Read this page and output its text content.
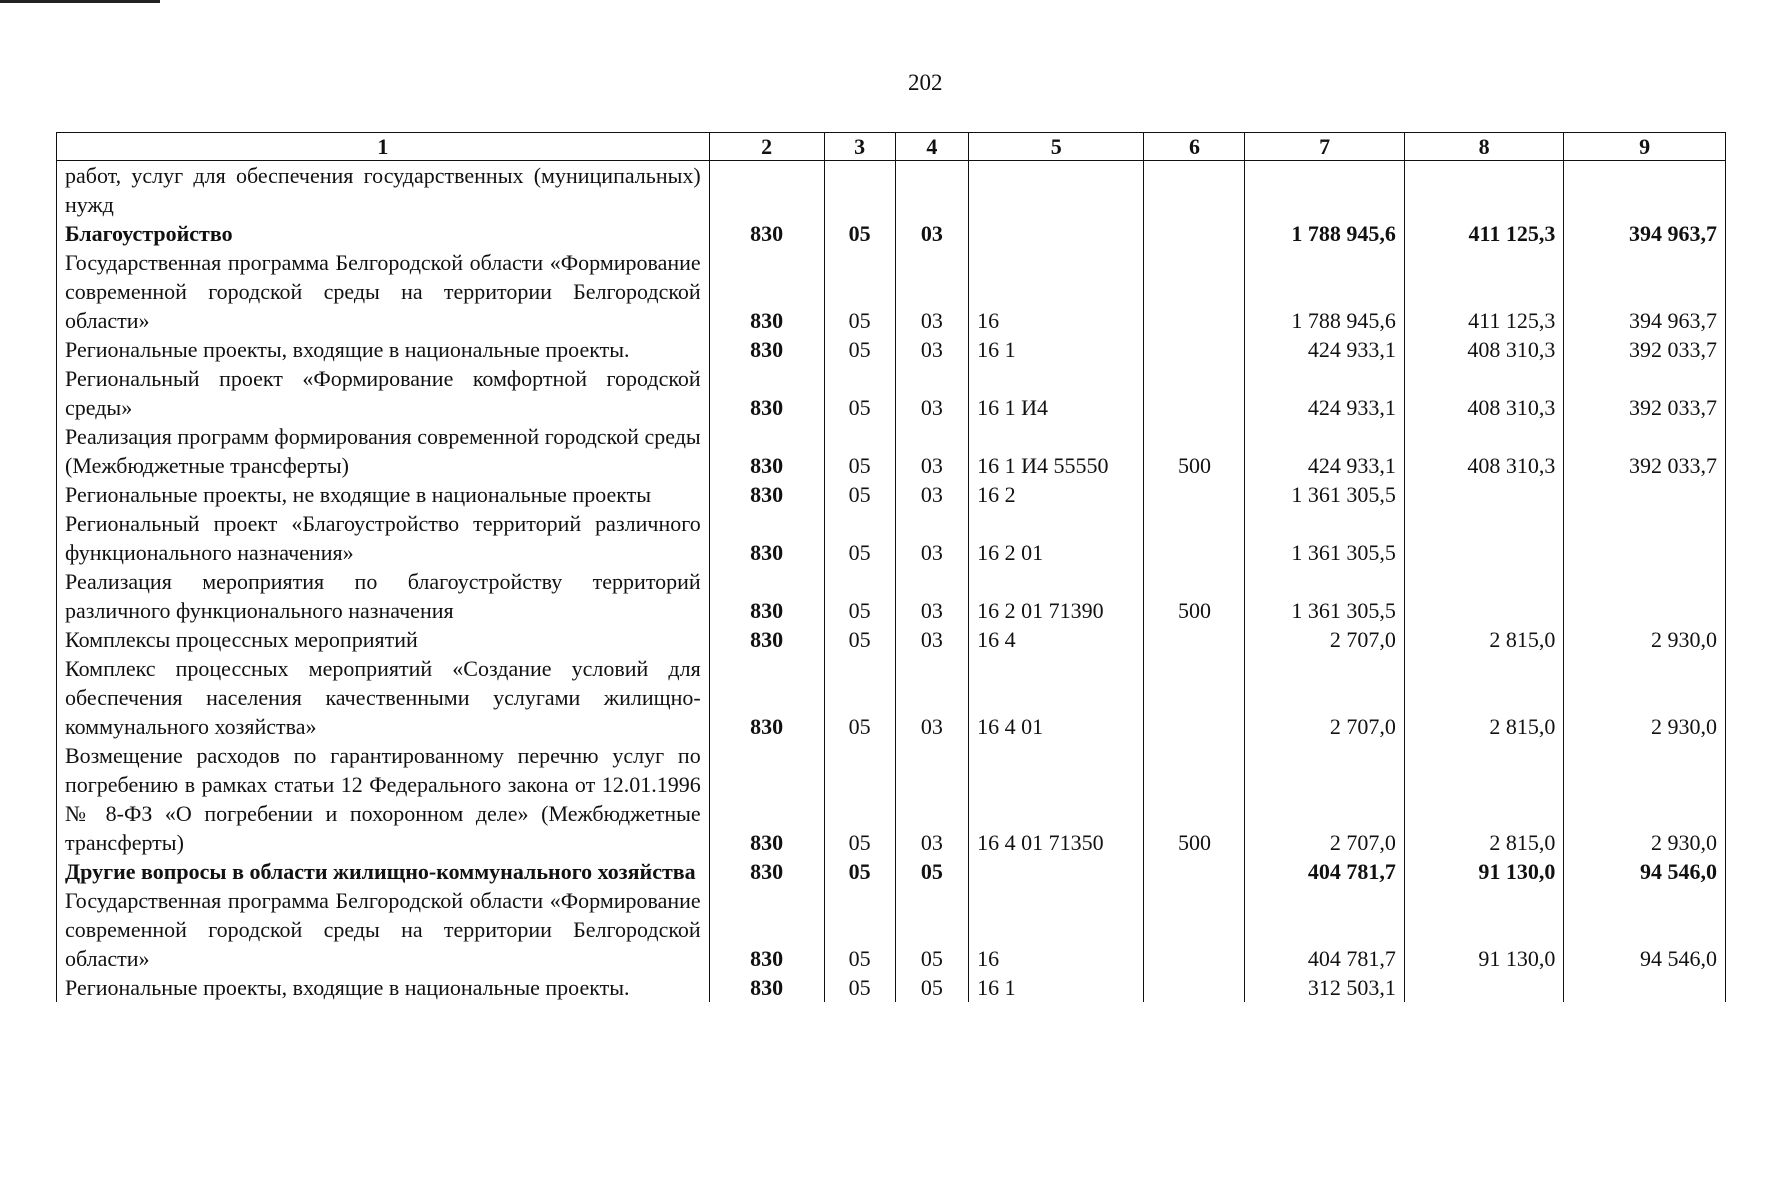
202
1	2	3	4	5	6	7	8	9
работ, услуг для обеспечения государственных (муниципальных) нужд								
Благоустройство	830	05	03			1 788 945,6	411 125,3	394 963,7
Государственная программа Белгородской области «Формирование современной городской среды на территории Белгородской области»	830	05	03	16		1 788 945,6	411 125,3	394 963,7
Региональные проекты, входящие в национальные проекты.	830	05	03	16 1		424 933,1	408 310,3	392 033,7
Региональный проект «Формирование комфортной городской среды»	830	05	03	16 1 И4		424 933,1	408 310,3	392 033,7
Реализация программ формирования современной городской среды (Межбюджетные трансферты)	830	05	03	16 1 И4 55550	500	424 933,1	408 310,3	392 033,7
Региональные проекты, не входящие в национальные проекты	830	05	03	16 2		1 361 305,5		
Региональный проект «Благоустройство территорий различного функционального назначения»	830	05	03	16 2 01		1 361 305,5		
Реализация мероприятия по благоустройству территорий различного функционального назначения	830	05	03	16 2 01 71390	500	1 361 305,5		
Комплексы процессных мероприятий	830	05	03	16 4		2 707,0	2 815,0	2 930,0
Комплекс процессных мероприятий «Создание условий для обеспечения населения качественными услугами жилищно-коммунального хозяйства»	830	05	03	16 4 01		2 707,0	2 815,0	2 930,0
Возмещение расходов по гарантированному перечню услуг по погребению в рамках статьи 12 Федерального закона от 12.01.1996 № 8-ФЗ «О погребении и похоронном деле» (Межбюджетные трансферты)	830	05	03	16 4 01 71350	500	2 707,0	2 815,0	2 930,0
Другие вопросы в области жилищно-коммунального хозяйства	830	05	05			404 781,7	91 130,0	94 546,0
Государственная программа Белгородской области «Формирование современной городской среды на территории Белгородской области»	830	05	05	16		404 781,7	91 130,0	94 546,0
Региональные проекты, входящие в национальные проекты.	830	05	05	16 1		312 503,1		
